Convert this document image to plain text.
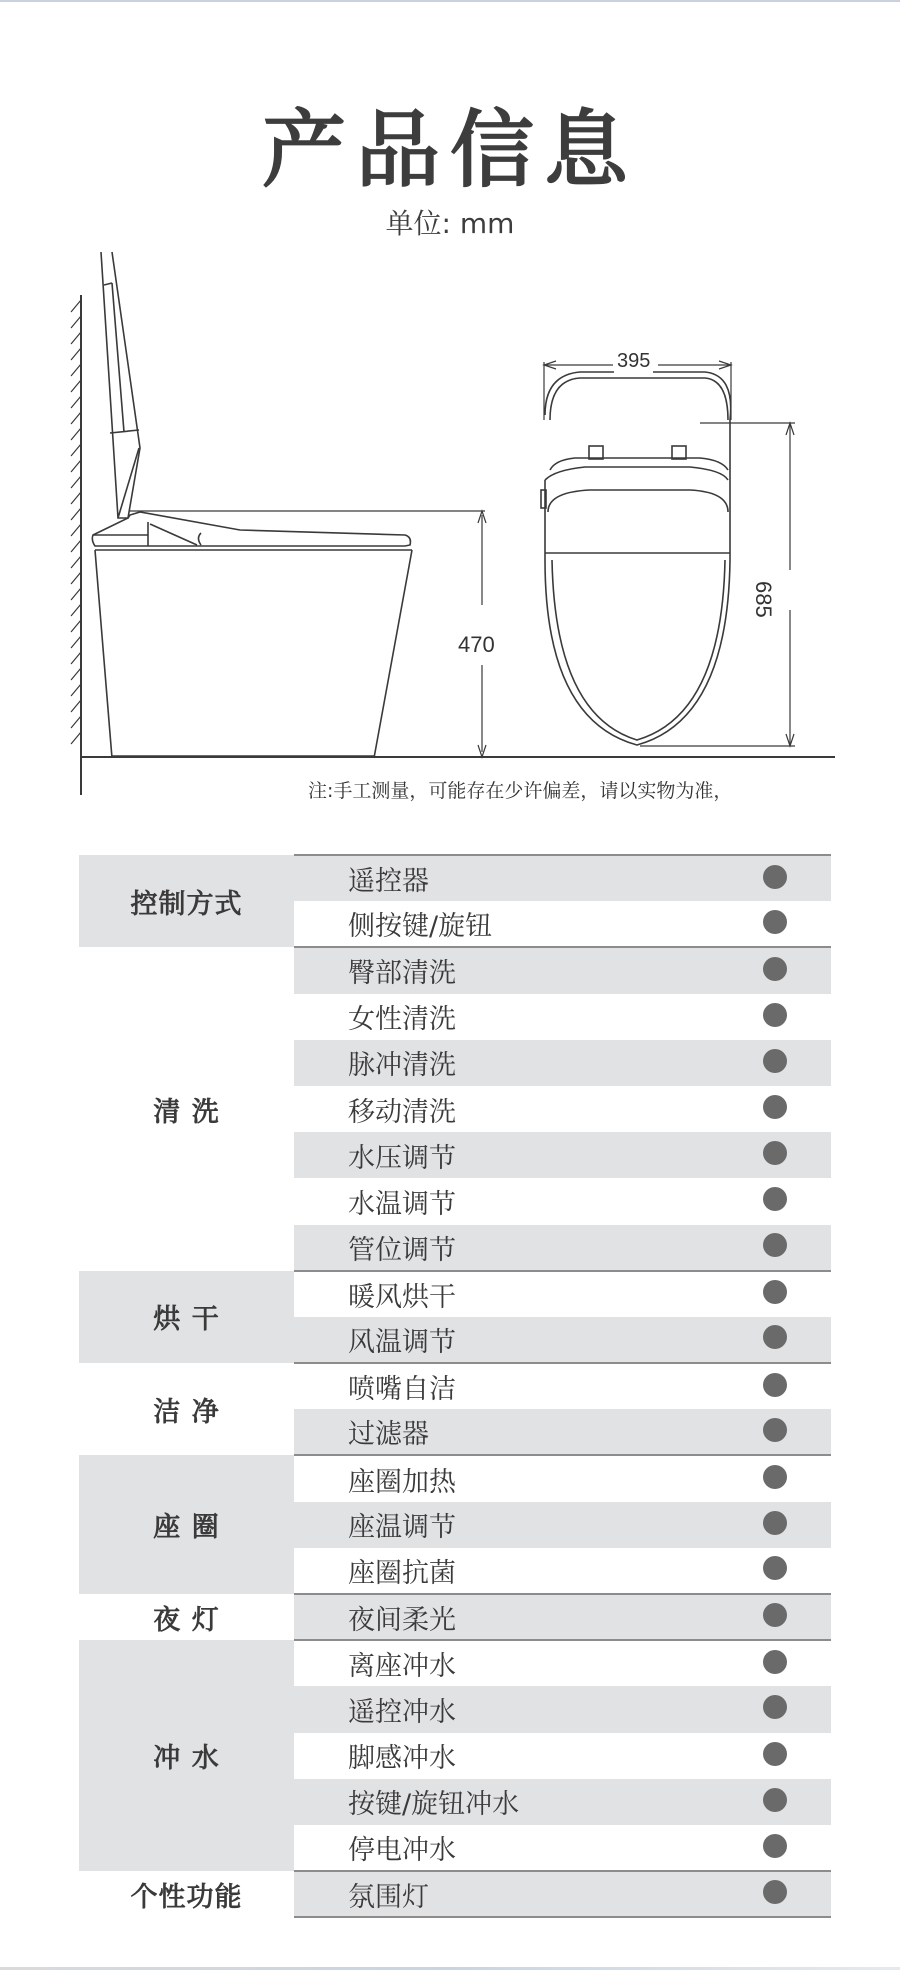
产品信息
单位: mm
470
395
685
注:手工测量，可能存在少许偏差，请以实物为准，
控制方式	遥控器	
	侧按键/旋钮	
清 洗	臀部清洗	
	女性清洗	
	脉冲清洗	
	移动清洗	
	水压调节	
	水温调节	
	管位调节	
烘 干	暖风烘干	
	风温调节	
洁 净	喷嘴自洁	
	过滤器	
座 圈	座圈加热	
	座温调节	
	座圈抗菌	
夜 灯	夜间柔光	
冲 水	离座冲水	
	遥控冲水	
	脚感冲水	
	按键/旋钮冲水	
	停电冲水	
个性功能	氛围灯	
